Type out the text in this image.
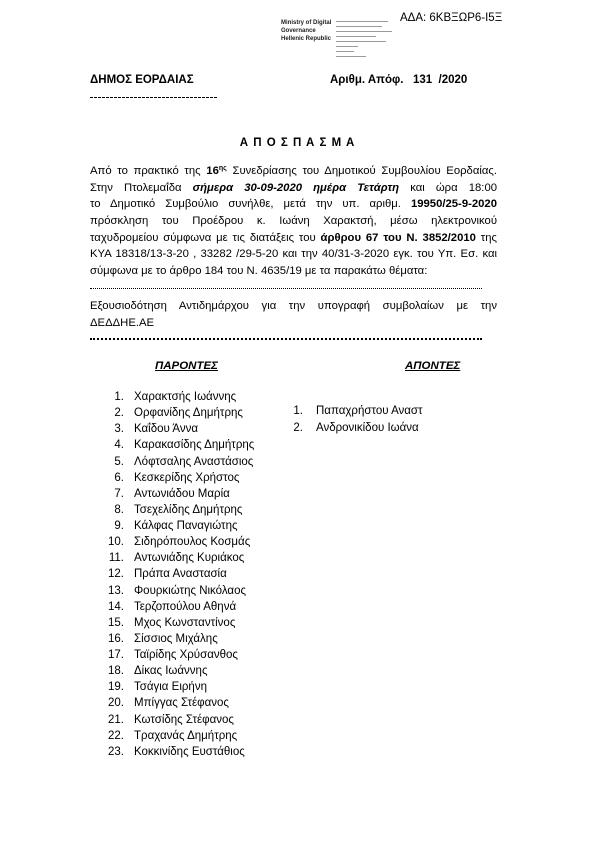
ΑΔΑ: 6ΚΒΞΩΡ6-Ι5Ξ
Ministry of Digital
Governance
Hellenic Republic
ΔΗΜΟΣ ΕΟΡΔΑΙΑΣ	Αριθμ. Απόφ.   131  /2020
Α Π Ο Σ Π Α Σ Μ Α
Από το πρακτικό της $16^{\eta\varsigma}$ Συνεδρίασης του Δημοτικού Συμβουλίου Εορδαίας.
Στην Πτολεμαΐδα σήμερα 30-09-2020 ημέρα Τετάρτη και ώρα 18:00
το Δημοτικό Συμβούλιο συνήλθε, μετά την υπ. αριθμ. 19950/25-9-2020
πρόσκληση του Προέδρου κ. Ιωάνη Χαρακτσή, μέσω ηλεκτρονικού
ταχυδρομείου σύμφωνα με τις διατάξεις του άρθρου 67 του Ν. 3852/2010 της
ΚΥΑ 18318/13-3-20 , 33282 /29-5-20 και την 40/31-3-2020 εγκ. του Υπ. Εσ. και
σύμφωνα με το άρθρο 184 του Ν. 4635/19 με τα παρακάτω θέματα:
Εξουσιοδότηση Αντιδημάρχου για την υπογραφή συμβολαίων με την
ΔΕΔΔΗΕ.ΑΕ
ΠΑΡΟΝΤΕΣ	ΑΠΟΝΤΕΣ
1. Χαρακτσής Ιωάννης
2. Ορφανίδης Δημήτρης
3. Καΐδου Άννα
4. Καρακασίδης Δημήτρης
5. Λόφτσαλης Αναστάσιος
6. Κεσκερίδης Χρήστος
7. Αντωνιάδου Μαρία
8. Τσεχελίδης Δημήτρης
9. Κάλφας Παναγιώτης
10. Σιδηρόπουλος Κοσμάς
11. Αντωνιάδης Κυριάκος
12. Πράπα Αναστασία
13. Φουρκιώτης Νικόλαος
14. Τερζοπούλου Αθηνά
15. Μχος Κωνσταντίνος
16. Σίσσιος Μιχάλης
17. Ταϊρίδης Χρύσανθος
18. Δίκας Ιωάννης
19. Τσάγια Ειρήνη
20. Μπίγγας Στέφανος
21. Κωτσίδης Στέφανος
22. Τραχανάς Δημήτρης
23. Κοκκινίδης Ευστάθιος
1. Παπαχρήστου Αναστ
2. Ανδρονικίδου Ιωάνα
